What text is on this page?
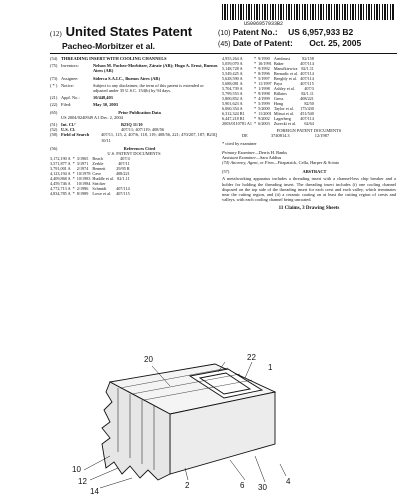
US006957933B2
(12) United States Patent
Pacheo-Morbitzer et al.
(10) Patent No.: US 6,957,933 B2
(45) Date of Patent: Oct. 25, 2005
(54) THREADING INSERT WITH COOLING CHANNELS
(75) Inventors:	Nelson M. Pacheo-Morbitzer, Zárate (AR); Hugo A. Ernst, Buenos Aires (AR)
(73) Assignee:	Siderca S.A.I.C., Buenos Aires (AR)
( * ) Notice:	Subject to any disclaimer, the term of this patent is extended or adjusted under 35 U.S.C. 154(b) by 94 days.
(21) Appl. No.:	10/448,403
(22) Filed:	May 30, 2003
(65)	Prior Publication Data
US 2004/0240949 A1 Dec. 2, 2004
(51) Int. Cl.⁷	B23Q 11/10
(52) U.S. Cl.	407/11; 407/119; 408/56
(58) Field of Search	407/11, 115, 2, 407/6, 118, 119; 408/56, 221; 470/207, 187; B23Q 10/11
(56)	References Cited
U.S. PATENT DOCUMENTS
3,172,190 A	*	3/1965	Beach	407/4
3,571,877 A	*	3/1971	Zerkle	407/11
3,791,001 A		2/1974	Bennett	29/95 R
4,123,194 A	*	10/1978	Cave	408/221
4,409,868 A	*	10/1983	Huddle et al.	82/1.11
4,459,746 A		10/1984	Stricker	
4,772,713 A	*	2/1986	Schmidt	407/114
4,834,785 A	*	8/1989	Lowe et al.	407/115
4,955,264 A	*	9/1990	Armbrust	82/158
5,059,070 A	*	10/1991	Baker	407/114
5,148,728 A	*	9/1992	Mansfkiewicz	82/1.11
5,549,425 A	*	8/1996	Bernadic et al.	407/114
5,628,590 A	*	5/1997	Beeghly et al.	407/114
5,688,081 A	*	11/1997	Paya	407/115
5,704,739 A	*	1/1998	Ashley et al.	407/3
5,799,553 A	*	9/1998	Billatos	82/1.11
5,800,852 A	*	4/1999	Gress	408/221
5,901,623 A	*	5/1999	Hong	82/50
6,060,354 A	*	5/2000	Taylor et al.	175/430
6,312,324 B1	*	11/2001	Mitsui et al.	451/540
6,447,218 B1	*	9/2002	Lagerberg	407/114
2003/0110781 A1	*	6/2003	Zurecki et al.	62/64
FOREIGN PATENT DOCUMENTS
DE	3740814.3	12/1987
* cited by examiner
Primary Examiner—Derris H. Banks
Assistant Examiner—Sara Addisu
(74) Attorney, Agent, or Firm—Fitzpatrick, Cella, Harper & Scinto
(57)	ABSTRACT
A metalworking apparatus includes a threading insert with a channel-less chip breaker and a holder for holding the threading insert. The threading insert includes (i) one cooling channel disposed on the top side of the threading insert for each crest and each valley, which terminates near the cutting region, and (ii) a ceramic coating on at least the cutting region of crests and valleys, with each cooling channel being uncoated.
11 Claims, 3 Drawing Sheets
20	22
10
12
14
2	6 30
4
1
